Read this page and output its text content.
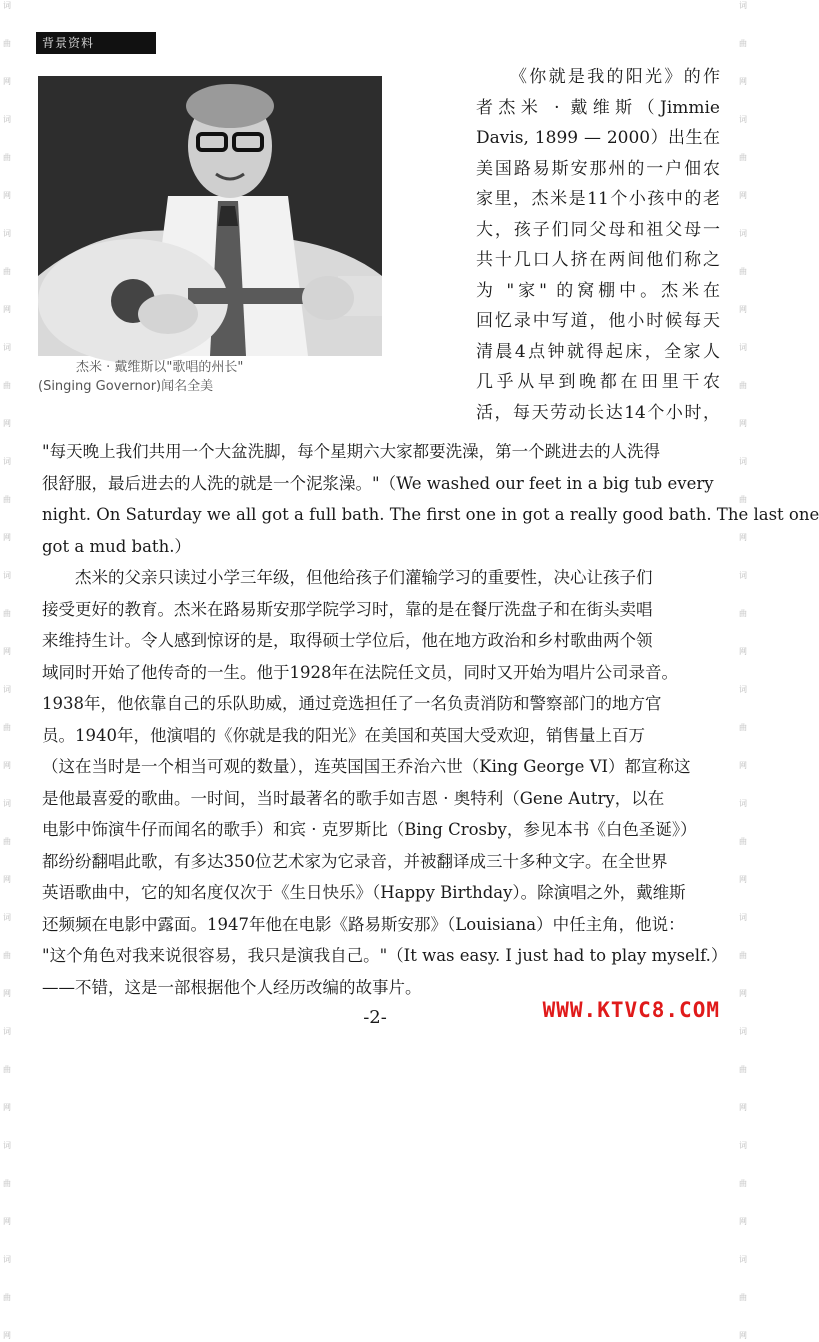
词
曲
网
词
曲
网
词
曲
网
词
曲
网
词
曲
网
词
曲
网
词
曲
网
词
曲
网
词
曲
网
词
曲
网
词
曲
网
词
曲
网
词
曲
网
词
曲
网
词
曲
网
词
曲
网
词
曲
网
词
曲
网
词
曲
网
词
曲
网
词
曲
网
词
曲
网
词
曲
网
词
曲
网
背景资料
杰米 · 戴维斯以"歌唱的州长"
(Singing Governor)闻名全美
《你就是我的阳光》的作
者杰米 · 戴维斯（Jimmie
Davis, 1899 — 2000）出生在
美国路易斯安那州的一户佃农
家里，杰米是11个小孩中的老
大，孩子们同父母和祖父母一
共十几口人挤在两间他们称之
为 "家" 的窝棚中。杰米在
回忆录中写道，他小时候每天
清晨4点钟就得起床，全家人
几乎从早到晚都在田里干农
活，每天劳动长达14个小时，
"每天晚上我们共用一个大盆洗脚，每个星期六大家都要洗澡，第一个跳进去的人洗得
很舒服，最后进去的人洗的就是一个泥浆澡。"（We washed our feet in a big tub every
night. On Saturday we all got a full bath. The first one in got a really good bath. The last one
got a mud bath.）
杰米的父亲只读过小学三年级，但他给孩子们灌输学习的重要性，决心让孩子们
接受更好的教育。杰米在路易斯安那学院学习时，靠的是在餐厅洗盘子和在街头卖唱
来维持生计。令人感到惊讶的是，取得硕士学位后，他在地方政治和乡村歌曲两个领
域同时开始了他传奇的一生。他于1928年在法院任文员，同时又开始为唱片公司录音。
1938年，他依靠自己的乐队助威，通过竞选担任了一名负责消防和警察部门的地方官
员。1940年，他演唱的《你就是我的阳光》在美国和英国大受欢迎，销售量上百万
（这在当时是一个相当可观的数量），连英国国王乔治六世（King George VI）都宣称这
是他最喜爱的歌曲。一时间，当时最著名的歌手如吉恩 · 奥特利（Gene Autry，以在
电影中饰演牛仔而闻名的歌手）和宾 · 克罗斯比（Bing Crosby，参见本书《白色圣诞》）
都纷纷翻唱此歌，有多达350位艺术家为它录音，并被翻译成三十多种文字。在全世界
英语歌曲中，它的知名度仅次于《生日快乐》（Happy Birthday）。除演唱之外，戴维斯
还频频在电影中露面。1947年他在电影《路易斯安那》（Louisiana）中任主角，他说：
"这个角色对我来说很容易，我只是演我自己。"（It was easy. I just had to play myself.）
——不错，这是一部根据他个人经历改编的故事片。
-2-	WWW.KTVC8.COM
